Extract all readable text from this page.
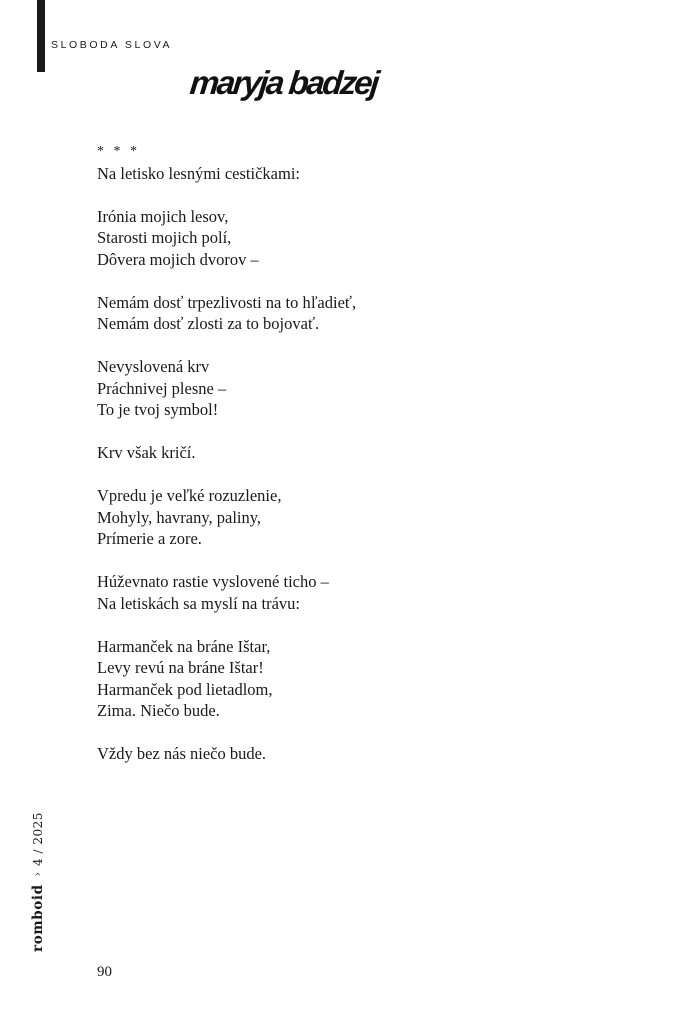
SLOBODA SLOVA
maryja badzej
* * *
Na letisko lesnými cestičkami:
Irónia mojich lesov,
Starosti mojich polí,
Dôvera mojich dvorov –
Nemám dosť trpezlivosti na to hľadieť,
Nemám dosť zlosti za to bojovať.
Nevyslovená krv
Práchnivej plesne –
To je tvoj symbol!
Krv však kričí.
Vpredu je veľké rozuzlenie,
Mohyly, havrany, paliny,
Prímerie a zore.
Húževnato rastie vyslovené ticho –
Na letiskách sa myslí na trávu:
Harmanček na bráne Ištar,
Levy revú na bráne Ištar!
Harmanček pod lietadlom,
Zima. Niečo bude.
Vždy bez nás niečo bude.
romboid
›
4 / 2025
90
